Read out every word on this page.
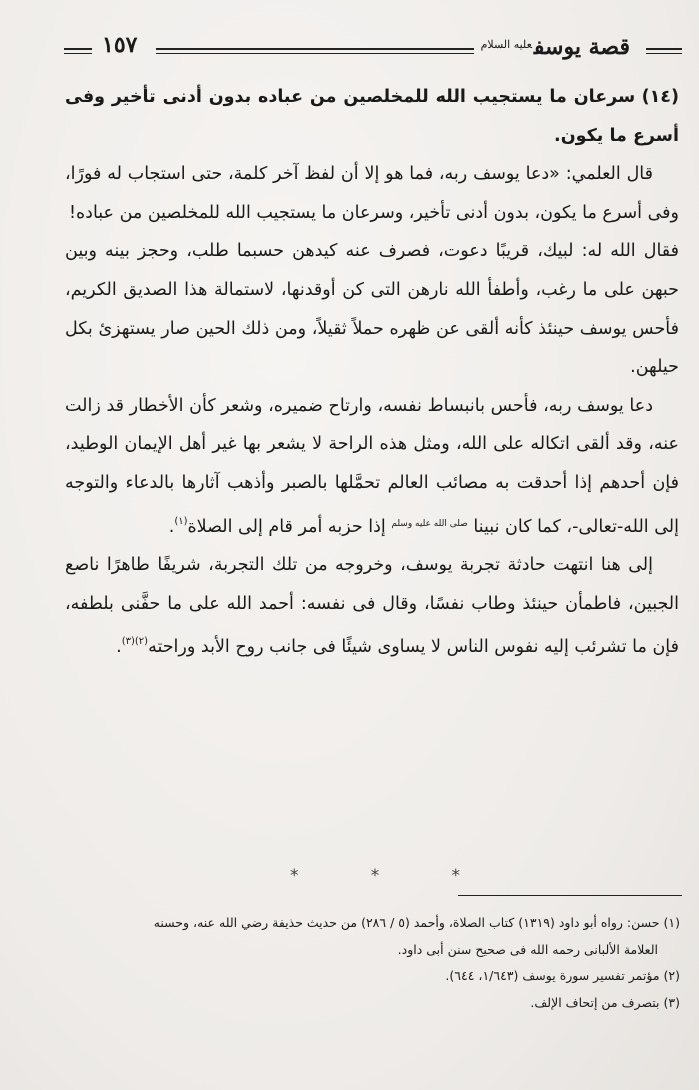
قصة يوسف$^{عليه السلام}$
١٥٧

(١٤) سرعان ما يستجيب الله للمخلصين من عباده بدون أدنى تأخير وفى أسرع ما يكون.

قال العلمي: «دعا يوسف ربه، فما هو إلا أن لفظ آخر كلمة، حتى استجاب له فورًا، وفى أسرع ما يكون، بدون أدنى تأخير، وسرعان ما يستجيب الله للمخلصين من عباده!

فقال الله له: لبيك، قريبًا دعوت، فصرف عنه كيدهن حسبما طلب، وحجز بينه وبين حبهن على ما رغب، وأطفأ الله نارهن التى كن أوقدنها، لاستمالة هذا الصديق الكريم، فأحس يوسف حينئذ كأنه ألقى عن ظهره حملاً ثقيلاً، ومن ذلك الحين صار يستهزئ بكل حيلهن.

دعا يوسف ربه، فأحس بانبساط نفسه، وارتاح ضميره، وشعر كأن الأخطار قد زالت عنه، وقد ألقى اتكاله على الله، ومثل هذه الراحة لا يشعر بها غير أهل الإيمان الوطيد، فإن أحدهم إذا أحدقت به مصائب العالم تحمَّلها بالصبر وأذهب آثارها بالدعاء والتوجه إلى الله-تعالى-، كما كان نبينا $^{صلى الله عليه وسلم}$ إذا حزبه أمر قام إلى الصلاة$^{(١)}$.

إلى هنا انتهت حادثة تجربة يوسف، وخروجه من تلك التجربة، شريفًا طاهرًا ناصع الجبين، فاطمأن حينئذ وطاب نفسًا، وقال فى نفسه: أحمد الله على ما حفَّنى بلطفه، فإن ما تشرئب إليه نفوس الناس لا يساوى شيئًا فى جانب روح الأبد وراحته$^{(٢)(٣)}$.

*
*
*

(١) حسن: رواه أبو داود (١٣١٩) كتاب الصلاة، وأحمد (٥ / ٢٨٦) من حديث حذيفة رضي الله عنه، وحسنه

العلامة الألبانى رحمه الله فى صحيح سنن أبى داود.

(٢) مؤتمر تفسير سورة يوسف (١/٦٤٣، ٦٤٤).

(٣) بتصرف من إتحاف الإلف.
